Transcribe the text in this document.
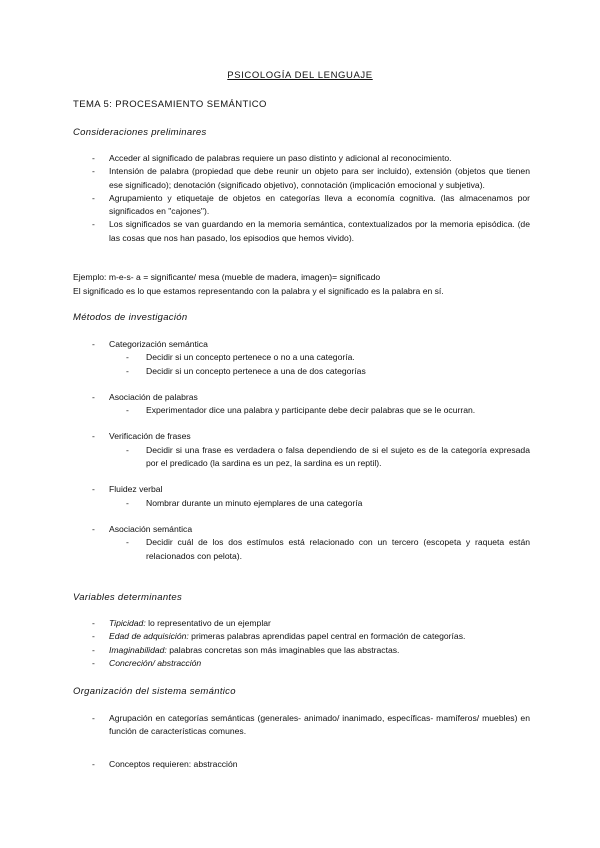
PSICOLOGÍA DEL LENGUAJE
TEMA 5: PROCESAMIENTO SEMÁNTICO
Consideraciones preliminares
- Acceder al significado de palabras requiere un paso distinto y adicional al reconocimiento.
- Intensión de palabra (propiedad que debe reunir un objeto para ser incluido), extensión (objetos que tienen ese significado); denotación (significado objetivo), connotación (implicación emocional y subjetiva).
- Agrupamiento y etiquetaje de objetos en categorías lleva a economía cognitiva. (las almacenamos por significados en "cajones").
- Los significados se van guardando en la memoria semántica, contextualizados por la memoria episódica. (de las cosas que nos han pasado, los episodios que hemos vivido).
Ejemplo: m-e-s- a = significante/ mesa (mueble de madera, imagen)= significado
El significado es lo que estamos representando con la palabra y el significado es la palabra en sí.
Métodos de investigación
- Categorización semántica
- Decidir si un concepto pertenece o no a una categoría.
- Decidir si un concepto pertenece a una de dos categorías
- Asociación de palabras
- Experimentador dice una palabra y participante debe decir palabras que se le ocurran.
- Verificación de frases
- Decidir si una frase es verdadera o falsa dependiendo de si el sujeto es de la categoría expresada por el predicado (la sardina es un pez, la sardina es un reptil).
- Fluidez verbal
- Nombrar durante un minuto ejemplares de una categoría
- Asociación semántica
- Decidir cuál de los dos estímulos está relacionado con un tercero (escopeta y raqueta están relacionados con pelota).
Variables determinantes
- Tipicidad: lo representativo de un ejemplar
- Edad de adquisición: primeras palabras aprendidas papel central en formación de categorías.
- Imaginabilidad: palabras concretas son más imaginables que las abstractas.
- Concreción/ abstracción
Organización del sistema semántico
- Agrupación en categorías semánticas (generales- animado/ inanimado, específicas- mamíferos/ muebles) en función de características comunes.
- Conceptos requieren: abstracción
